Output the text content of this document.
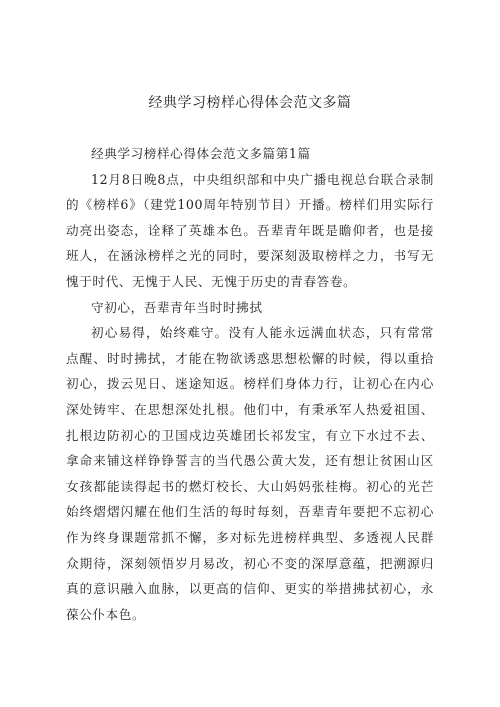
经典学习榜样心得体会范文多篇

经典学习榜样心得体会范文多篇第1篇

12月8日晚8点，中央组织部和中央广播电视总台联合录制的《榜样6》（建党100周年特别节目）开播。榜样们用实际行动亮出姿态，诠释了英雄本色。吾辈青年既是瞻仰者，也是接班人，在涵泳榜样之光的同时，要深刻汲取榜样之力，书写无愧于时代、无愧于人民、无愧于历史的青春答卷。

守初心，吾辈青年当时时拂拭

初心易得，始终难守。没有人能永远满血状态，只有常常点醒、时时拂拭，才能在物欲诱惑思想松懈的时候，得以重拾初心，拨云见日、迷途知返。榜样们身体力行，让初心在内心深处铸牢、在思想深处扎根。他们中，有秉承军人热爱祖国、扎根边防初心的卫国戍边英雄团长祁发宝，有立下水过不去、拿命来铺这样铮铮誓言的当代愚公黄大发，还有想让贫困山区女孩都能读得起书的燃灯校长、大山妈妈张桂梅。初心的光芒始终熠熠闪耀在他们生活的每时每刻，吾辈青年要把不忘初心作为终身课题常抓不懈，多对标先进榜样典型、多透视人民群众期待，深刻领悟岁月易改，初心不变的深厚意蕴，把溯源归真的意识融入血脉，以更高的信仰、更实的举措拂拭初心，永葆公仆本色。
